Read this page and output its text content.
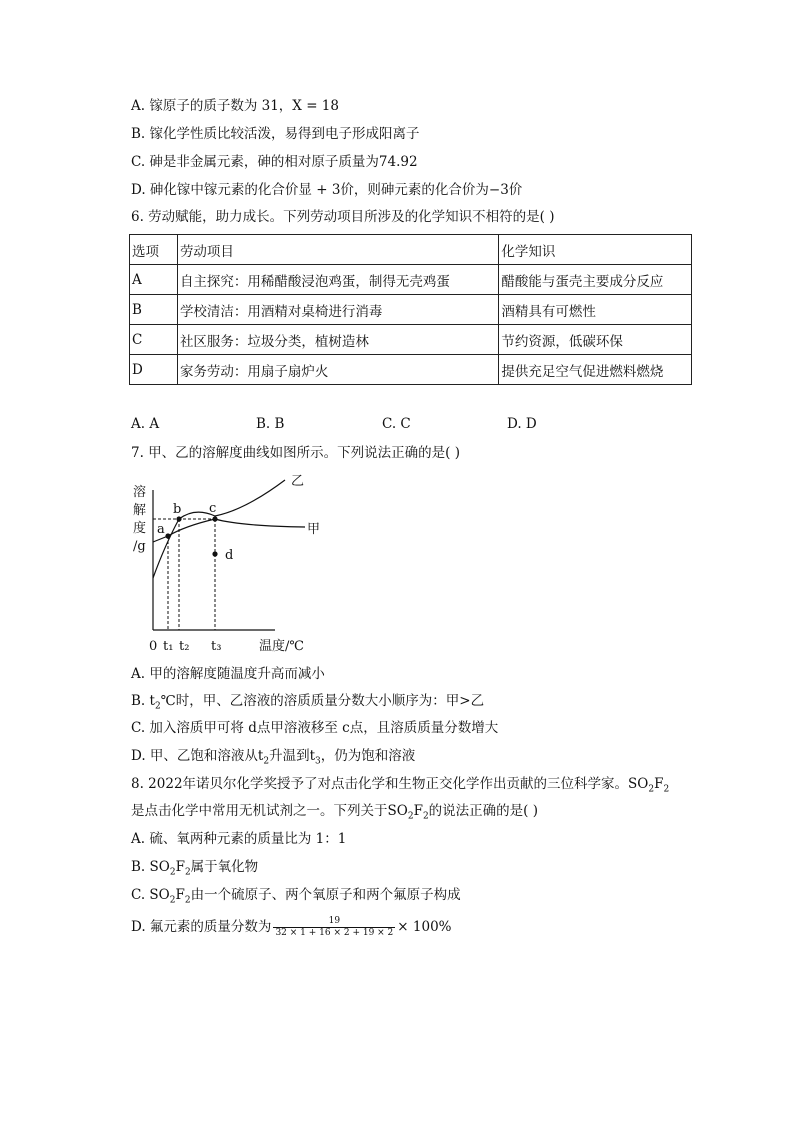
A. 镓原子的质子数为 31，X = 18
B. 镓化学性质比较活泼，易得到电子形成阳离子
C. 砷是非金属元素，砷的相对原子质量为74.92
D. 砷化镓中镓元素的化合价显 + 3价，则砷元素的化合价为−3价
6. 劳动赋能，助力成长。下列劳动项目所涉及的化学知识不相符的是( )
选项	劳动项目	化学知识
A	自主探究：用稀醋酸浸泡鸡蛋，制得无壳鸡蛋	醋酸能与蛋壳主要成分反应
B	学校清洁：用酒精对桌椅进行消毒	酒精具有可燃性
C	社区服务：垃圾分类，植树造林	节约资源，低碳环保
D	家务劳动：用扇子扇炉火	提供充足空气促进燃料燃烧
A. A	B. B	C. C	D. D
7. 甲、乙的溶解度曲线如图所示。下列说法正确的是( )
溶
解
度
/g
a
b c
d
乙
甲
0 t₁ t₂ t₃	温度/℃
A. 甲的溶解度随温度升高而减小
B. $t_2℃$时，甲、乙溶液的溶质质量分数大小顺序为：甲>乙
C. 加入溶质甲可将 d点甲溶液移至 c点，且溶质质量分数增大
D. 甲、乙饱和溶液从$t_2$升温到$t_3$，仍为饱和溶液
8. 2022年诺贝尔化学奖授予了对点击化学和生物正交化学作出贡献的三位科学家。$SO_2F_2$
是点击化学中常用无机试剂之一。下列关于$SO_2F_2$的说法正确的是( )
A. 硫、氧两种元素的质量比为 1：1
B. $SO_2F_2$属于氧化物
C. $SO_2F_2$由一个硫原子、两个氧原子和两个氟原子构成
D. 氟元素的质量分数为 $\frac{19}{32 \times 1 + 16 \times 2 + 19 \times 2} \times 100\%$
